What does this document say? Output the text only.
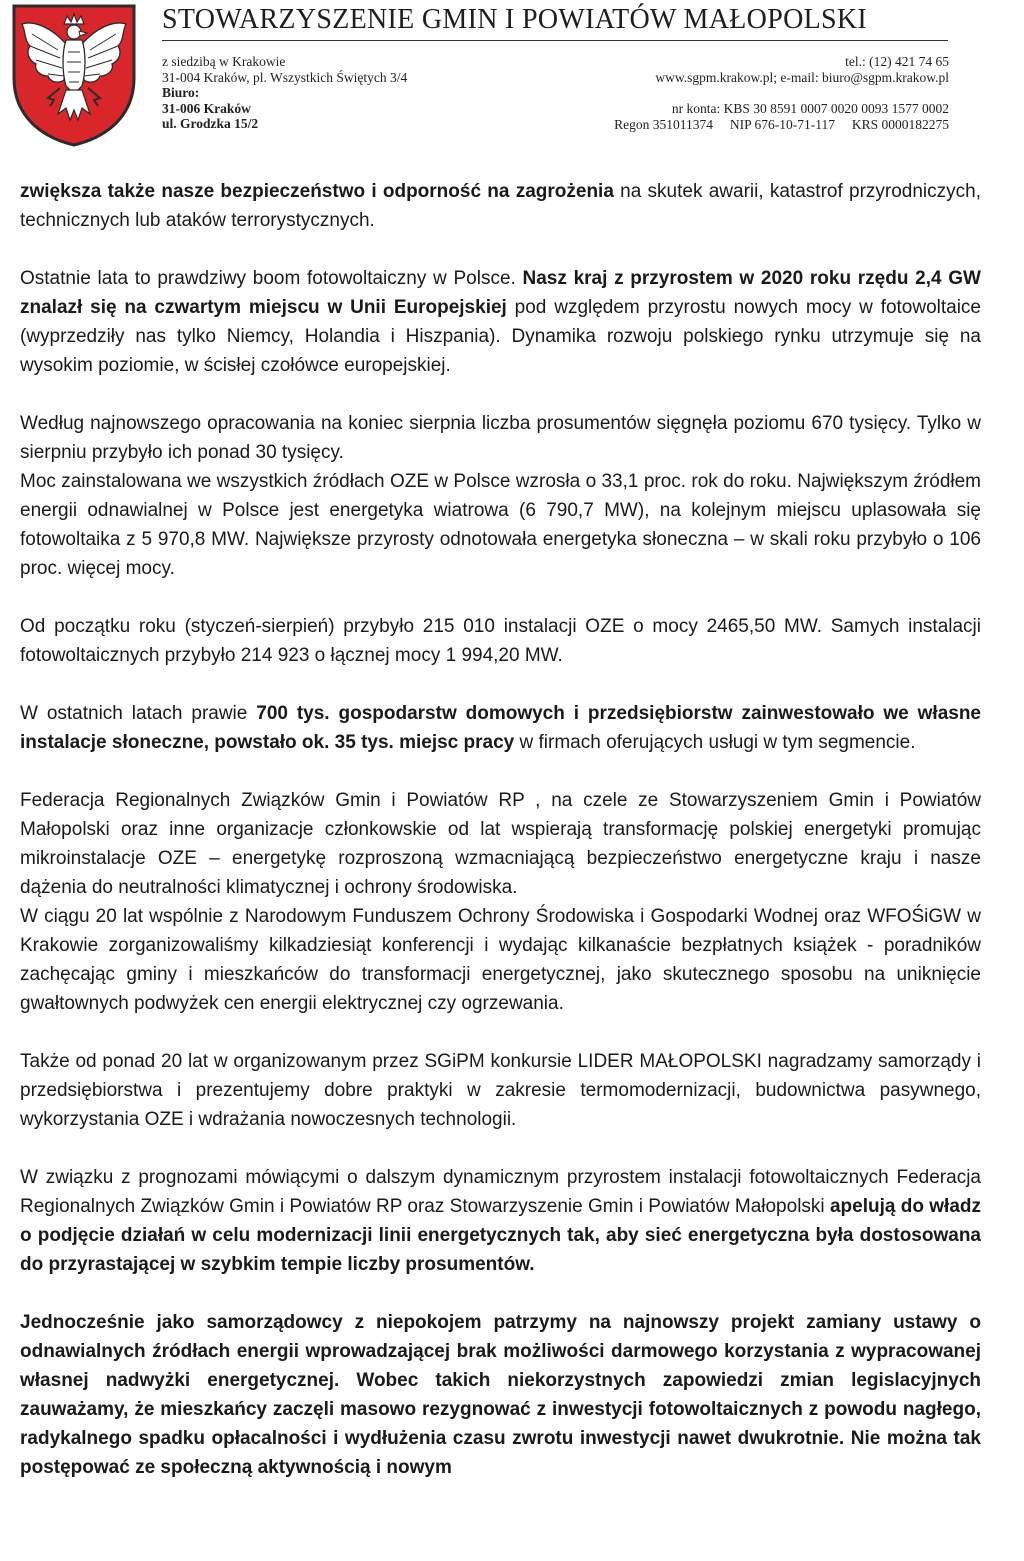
STOWARZYSZENIE GMIN I POWIATÓW MAŁOPOLSKI
z siedzibą w Krakowie
31-004 Kraków, pl. Wszystkich Świętych 3/4
Biuro:
31-006 Kraków
ul. Grodzka 15/2
tel.: (12) 421 74 65
www.sgpm.krakow.pl; e-mail: biuro@sgpm.krakow.pl
nr konta: KBS 30 8591 0007 0020 0093 1577 0002
Regon 351011374     NIP 676-10-71-117     KRS 0000182275

zwiększa także nasze bezpieczeństwo i odporność na zagrożenia na skutek awarii, katastrof przyrodniczych, technicznych lub ataków terrorystycznych.

Ostatnie lata to prawdziwy boom fotowoltaiczny w Polsce. Nasz kraj z przyrostem w 2020 roku rzędu 2,4 GW znalazł się na czwartym miejscu w Unii Europejskiej pod względem przyrostu nowych mocy w fotowoltaice (wyprzedziły nas tylko Niemcy, Holandia i Hiszpania). Dynamika rozwoju polskiego rynku utrzymuje się na wysokim poziomie, w ścisłej czołówce europejskiej.

Według najnowszego opracowania na koniec sierpnia liczba prosumentów sięgnęła poziomu 670 tysięcy. Tylko w sierpniu przybyło ich ponad 30 tysięcy.

Moc zainstalowana we wszystkich źródłach OZE w Polsce wzrosła o 33,1 proc. rok do roku. Największym źródłem energii odnawialnej w Polsce jest energetyka wiatrowa (6 790,7 MW), na kolejnym miejscu uplasowała się fotowoltaika z 5 970,8 MW. Największe przyrosty odnotowała energetyka słoneczna – w skali roku przybyło o 106 proc. więcej mocy.

Od początku roku (styczeń-sierpień) przybyło 215 010 instalacji OZE o mocy 2465,50 MW. Samych instalacji fotowoltaicznych przybyło 214 923 o łącznej mocy 1 994,20 MW.

W ostatnich latach prawie 700 tys. gospodarstw domowych i przedsiębiorstw zainwestowało we własne instalacje słoneczne, powstało ok. 35 tys. miejsc pracy w firmach oferujących usługi w tym segmencie.

Federacja Regionalnych Związków Gmin i Powiatów RP , na czele ze Stowarzyszeniem Gmin i Powiatów Małopolski oraz inne organizacje członkowskie od lat wspierają transformację polskiej energetyki promując mikroinstalacje OZE – energetykę rozproszoną wzmacniającą bezpieczeństwo energetyczne kraju i nasze dążenia do neutralności klimatycznej i ochrony środowiska.

W ciągu 20 lat wspólnie z Narodowym Funduszem Ochrony Środowiska i Gospodarki Wodnej oraz WFOŚiGW w Krakowie zorganizowaliśmy kilkadziesiąt konferencji i wydając kilkanaście bezpłatnych książek - poradników zachęcając gminy i mieszkańców do transformacji energetycznej, jako skutecznego sposobu na uniknięcie gwałtownych podwyżek cen energii elektrycznej czy ogrzewania.

Także od ponad 20 lat w organizowanym przez SGiPM konkursie LIDER MAŁOPOLSKI nagradzamy samorządy i przedsiębiorstwa i prezentujemy dobre praktyki w zakresie termomodernizacji, budownictwa pasywnego, wykorzystania OZE i wdrażania nowoczesnych technologii.

W związku z prognozami mówiącymi o dalszym dynamicznym przyrostem instalacji fotowoltaicznych Federacja Regionalnych Związków Gmin i Powiatów RP oraz Stowarzyszenie Gmin i Powiatów Małopolski apelują do władz o podjęcie działań w celu modernizacji linii energetycznych tak, aby sieć energetyczna była dostosowana do przyrastającej w szybkim tempie liczby prosumentów.

Jednocześnie jako samorządowcy z niepokojem patrzymy na najnowszy projekt zamiany ustawy o odnawialnych źródłach energii wprowadzającej brak możliwości darmowego korzystania z wypracowanej własnej nadwyżki energetycznej. Wobec takich niekorzystnych zapowiedzi zmian legislacyjnych zauważamy, że mieszkańcy zaczęli masowo rezygnować z inwestycji fotowoltaicznych z powodu nagłego, radykalnego spadku opłacalności i wydłużenia czasu zwrotu inwestycji nawet dwukrotnie. Nie można tak postępować ze społeczną aktywnością i nowym
